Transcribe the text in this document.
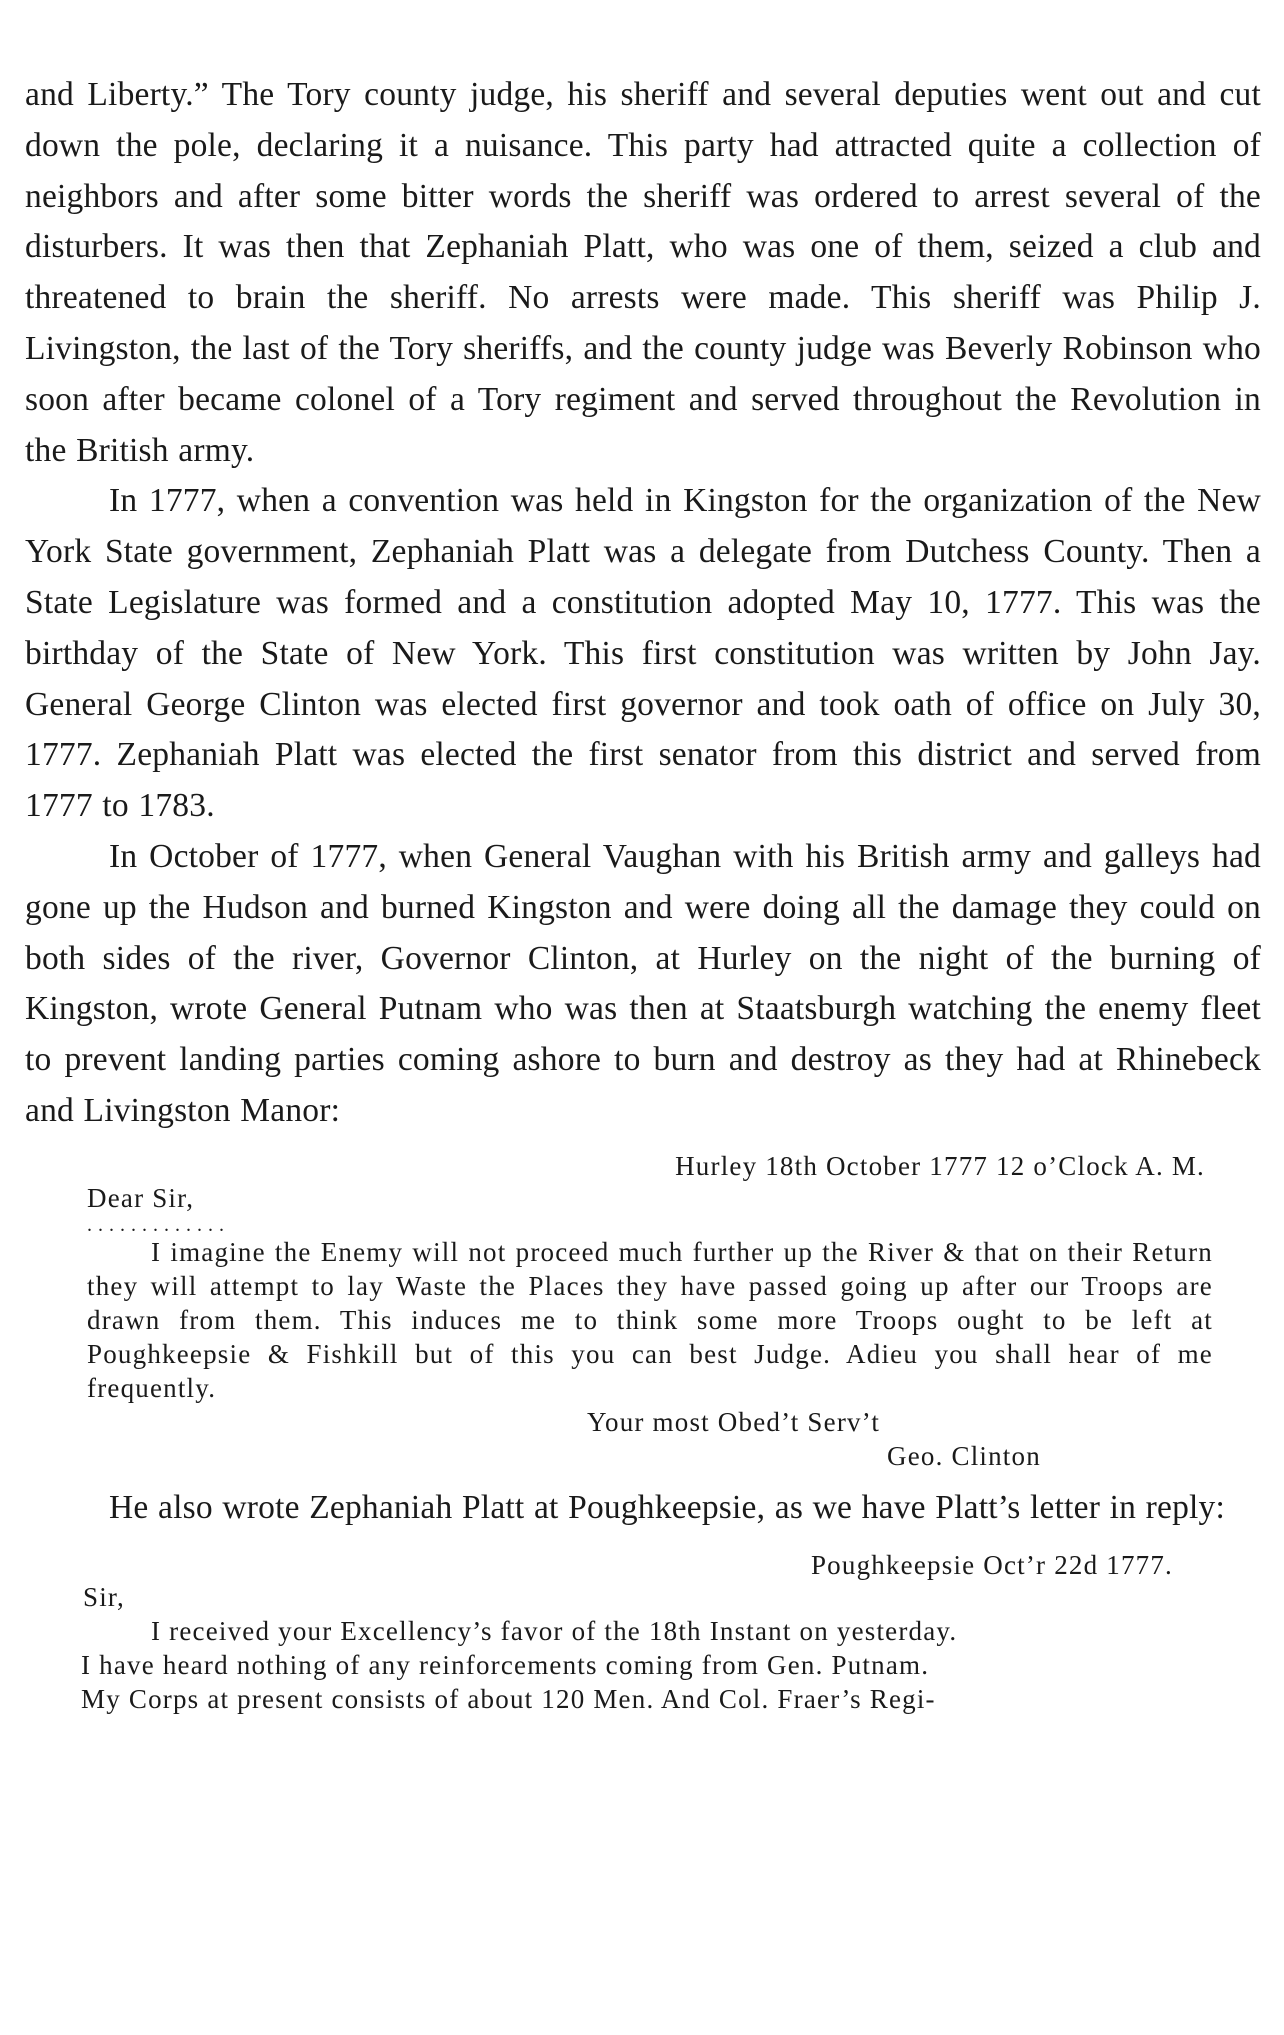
and Liberty.” The Tory county judge, his sheriff and several deputies went out and cut down the pole, declaring it a nuisance. This party had attracted quite a collection of neighbors and after some bitter words the sheriff was ordered to arrest several of the disturbers. It was then that Zephaniah Platt, who was one of them, seized a club and threatened to brain the sheriff. No arrests were made. This sheriff was Philip J. Livingston, the last of the Tory sheriffs, and the county judge was Beverly Robinson who soon after became colonel of a Tory regiment and served throughout the Revolution in the British army.

In 1777, when a convention was held in Kingston for the organization of the New York State government, Zephaniah Platt was a delegate from Dutchess County. Then a State Legislature was formed and a constitution adopted May 10, 1777. This was the birthday of the State of New York. This first constitution was written by John Jay. General George Clinton was elected first governor and took oath of office on July 30, 1777. Zephaniah Platt was elected the first senator from this district and served from 1777 to 1783.

In October of 1777, when General Vaughan with his British army and galleys had gone up the Hudson and burned Kingston and were doing all the damage they could on both sides of the river, Governor Clinton, at Hurley on the night of the burning of Kingston, wrote General Putnam who was then at Staatsburgh watching the enemy fleet to prevent landing parties coming ashore to burn and destroy as they had at Rhinebeck and Livingston Manor:

Hurley 18th October 1777 12 o’Clock A. M.
Dear Sir,
.............

I imagine the Enemy will not proceed much further up the River & that on their Return they will attempt to lay Waste the Places they have passed going up after our Troops are drawn from them. This induces me to think some more Troops ought to be left at Poughkeepsie & Fishkill but of this you can best Judge. Adieu you shall hear of me frequently.

Your most Obed’t Serv’t
Geo. Clinton

He also wrote Zephaniah Platt at Poughkeepsie, as we have Platt’s letter in reply:

Poughkeepsie Oct’r 22d 1777.
Sir,
I received your Excellency’s favor of the 18th Instant on yesterday.
I have heard nothing of any reinforcements coming from Gen. Putnam.
My Corps at present consists of about 120 Men. And Col. Fraer’s Regi-
